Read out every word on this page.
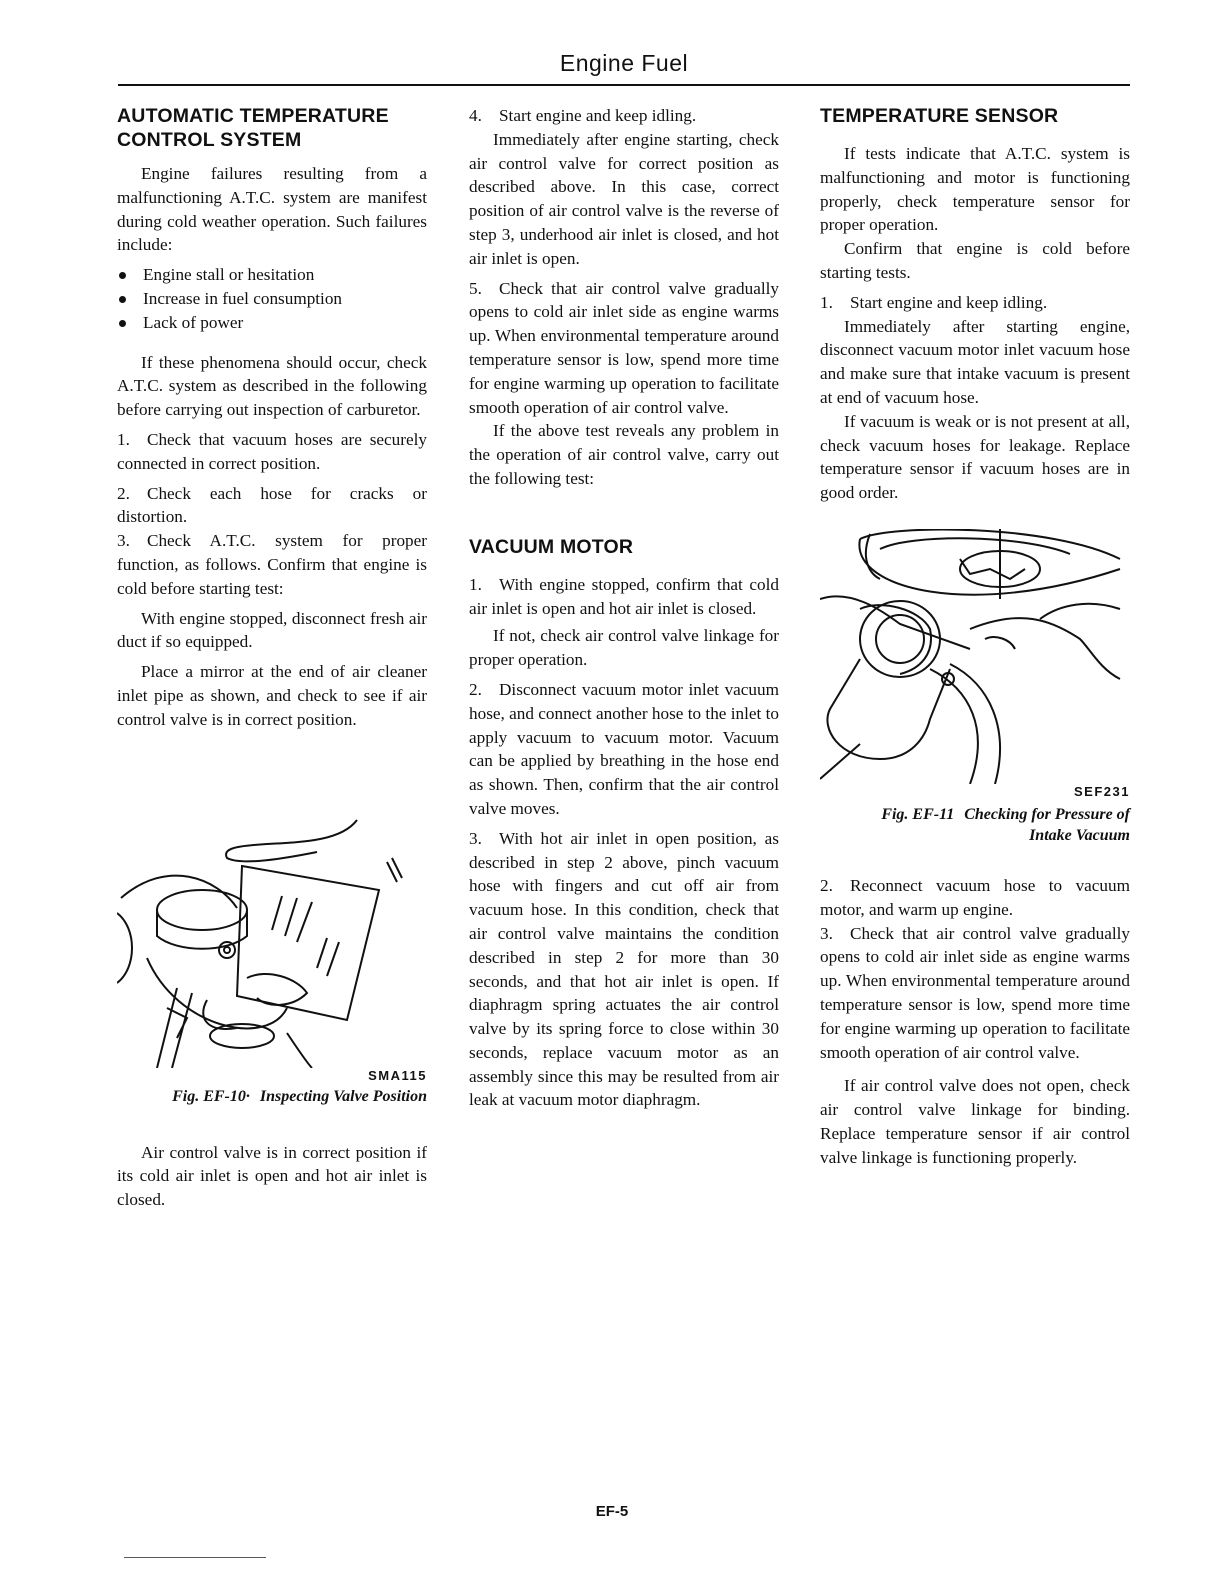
Engine Fuel
AUTOMATIC TEMPERATURE
CONTROL SYSTEM

Engine failures resulting from a malfunctioning A.T.C. system are manifest during cold weather operation. Such failures include:

Engine stall or hesitation
Increase in fuel consumption
Lack of power

If these phenomena should occur, check A.T.C. system as described in the following before carrying out inspection of carburetor.

1. Check that vacuum hoses are securely connected in correct position.

2. Check each hose for cracks or distortion.

3. Check A.T.C. system for proper function, as follows. Confirm that engine is cold before starting test:

With engine stopped, disconnect fresh air duct if so equipped.

Place a mirror at the end of air cleaner inlet pipe as shown, and check to see if air control valve is in correct position.

SMA115
Fig. EF-10· Inspecting Valve Position

Air control valve is in correct position if its cold air inlet is open and hot air inlet is closed.

4. Start engine and keep idling.

Immediately after engine starting, check air control valve for correct position as described above. In this case, correct position of air control valve is the reverse of step 3, underhood air inlet is closed, and hot air inlet is open.

5. Check that air control valve gradually opens to cold air inlet side as engine warms up. When environmental temperature around temperature sensor is low, spend more time for engine warming up operation to facilitate smooth operation of air control valve.

If the above test reveals any problem in the operation of air control valve, carry out the following test:

VACUUM MOTOR

1. With engine stopped, confirm that cold air inlet is open and hot air inlet is closed.

If not, check air control valve linkage for proper operation.

2. Disconnect vacuum motor inlet vacuum hose, and connect another hose to the inlet to apply vacuum to vacuum motor. Vacuum can be applied by breathing in the hose end as shown. Then, confirm that the air control valve moves.

3. With hot air inlet in open position, as described in step 2 above, pinch vacuum hose with fingers and cut off air from vacuum hose. In this condition, check that air control valve maintains the condition described in step 2 for more than 30 seconds, and that hot air inlet is open. If diaphragm spring actuates the air control valve by its spring force to close within 30 seconds, replace vacuum motor as an assembly since this may be resulted from air leak at vacuum motor diaphragm.

TEMPERATURE SENSOR

If tests indicate that A.T.C. system is malfunctioning and motor is functioning properly, check temperature sensor for proper operation.

Confirm that engine is cold before starting tests.

1. Start engine and keep idling.

Immediately after starting engine, disconnect vacuum motor inlet vacuum hose and make sure that intake vacuum is present at end of vacuum hose.

If vacuum is weak or is not present at all, check vacuum hoses for leakage. Replace temperature sensor if vacuum hoses are in good order.

SEF231
Fig. EF-11 Checking for Pressure of
Intake Vacuum

2. Reconnect vacuum hose to vacuum motor, and warm up engine.

3. Check that air control valve gradually opens to cold air inlet side as engine warms up. When environmental temperature around temperature sensor is low, spend more time for engine warming up operation to facilitate smooth operation of air control valve.

If air control valve does not open, check air control valve linkage for binding. Replace temperature sensor if air control valve linkage is functioning properly.

EF-5
